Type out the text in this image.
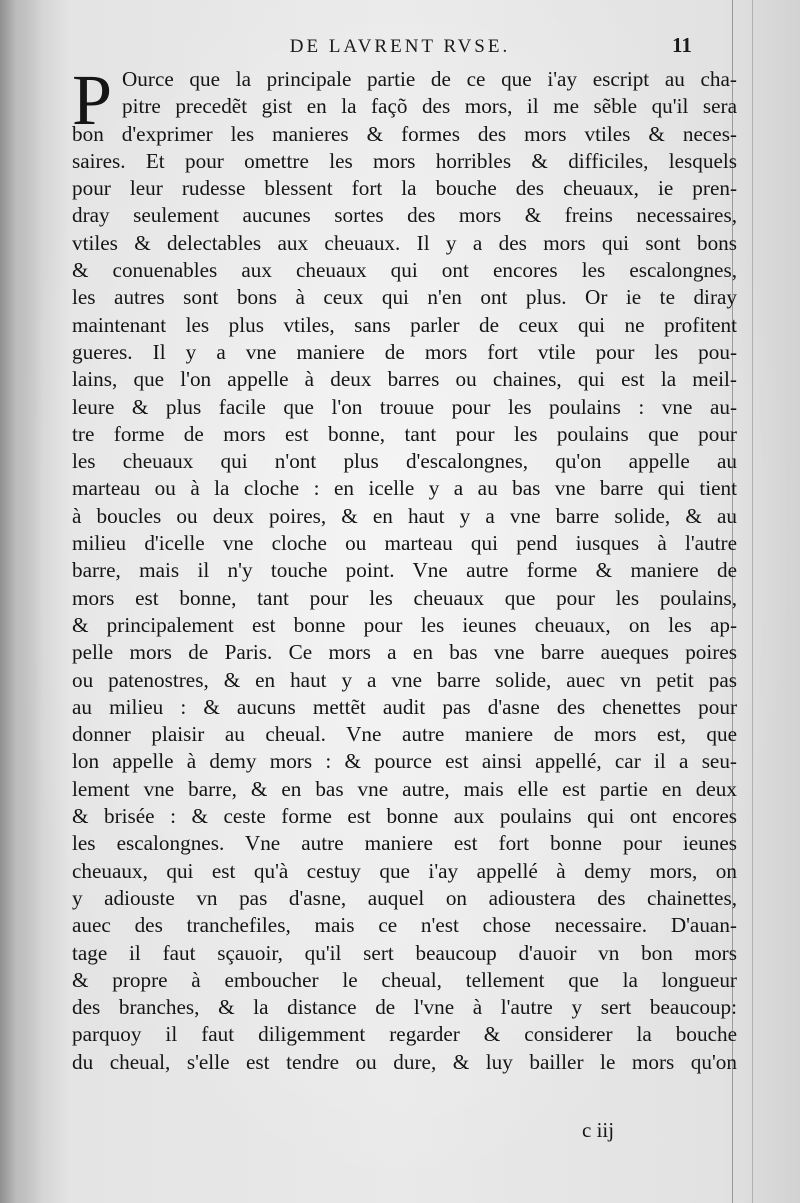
DE LAVRENT RVSE.	11
P Ource que la principale partie de ce que i'ay escript au cha-
pitre precedẽt gist en la façõ des mors, il me sẽble qu'il sera
bon d'exprimer les manieres & formes des mors vtiles & neces-
saires. Et pour omettre les mors horribles & difficiles, lesquels
pour leur rudesse blessent fort la bouche des cheuaux, ie pren-
dray seulement aucunes sortes des mors & freins necessaires,
vtiles & delectables aux cheuaux. Il y a des mors qui sont bons
& conuenables aux cheuaux qui ont encores les escalongnes,
les autres sont bons à ceux qui n'en ont plus. Or ie te diray
maintenant les plus vtiles, sans parler de ceux qui ne profitent
gueres. Il y a vne maniere de mors fort vtile pour les pou-
lains, que l'on appelle à deux barres ou chaines, qui est la meil-
leure & plus facile que l'on trouue pour les poulains : vne au-
tre forme de mors est bonne, tant pour les poulains que pour
les cheuaux qui n'ont plus d'escalongnes, qu'on appelle au
marteau ou à la cloche : en icelle y a au bas vne barre qui tient
à boucles ou deux poires, & en haut y a vne barre solide, & au
milieu d'icelle vne cloche ou marteau qui pend iusques à l'autre
barre, mais il n'y touche point. Vne autre forme & maniere de
mors est bonne, tant pour les cheuaux que pour les poulains,
& principalement est bonne pour les ieunes cheuaux, on les ap-
pelle mors de Paris. Ce mors a en bas vne barre aueques poires
ou patenostres, & en haut y a vne barre solide, auec vn petit pas
au milieu : & aucuns mettẽt audit pas d'asne des chenettes pour
donner plaisir au cheual. Vne autre maniere de mors est, que
lon appelle à demy mors : & pource est ainsi appellé, car il a seu-
lement vne barre, & en bas vne autre, mais elle est partie en deux
& brisée : & ceste forme est bonne aux poulains qui ont encores
les escalongnes. Vne autre maniere est fort bonne pour ieunes
cheuaux, qui est qu'à cestuy que i'ay appellé à demy mors, on
y adiouste vn pas d'asne, auquel on adioustera des chainettes,
auec des tranchefiles, mais ce n'est chose necessaire. D'auan-
tage il faut sçauoir, qu'il sert beaucoup d'auoir vn bon mors
& propre à emboucher le cheual, tellement que la longueur
des branches, & la distance de l'vne à l'autre y sert beaucoup:
parquoy il faut diligemment regarder & considerer la bouche
du cheual, s'elle est tendre ou dure, & luy bailler le mors qu'on
c iij
